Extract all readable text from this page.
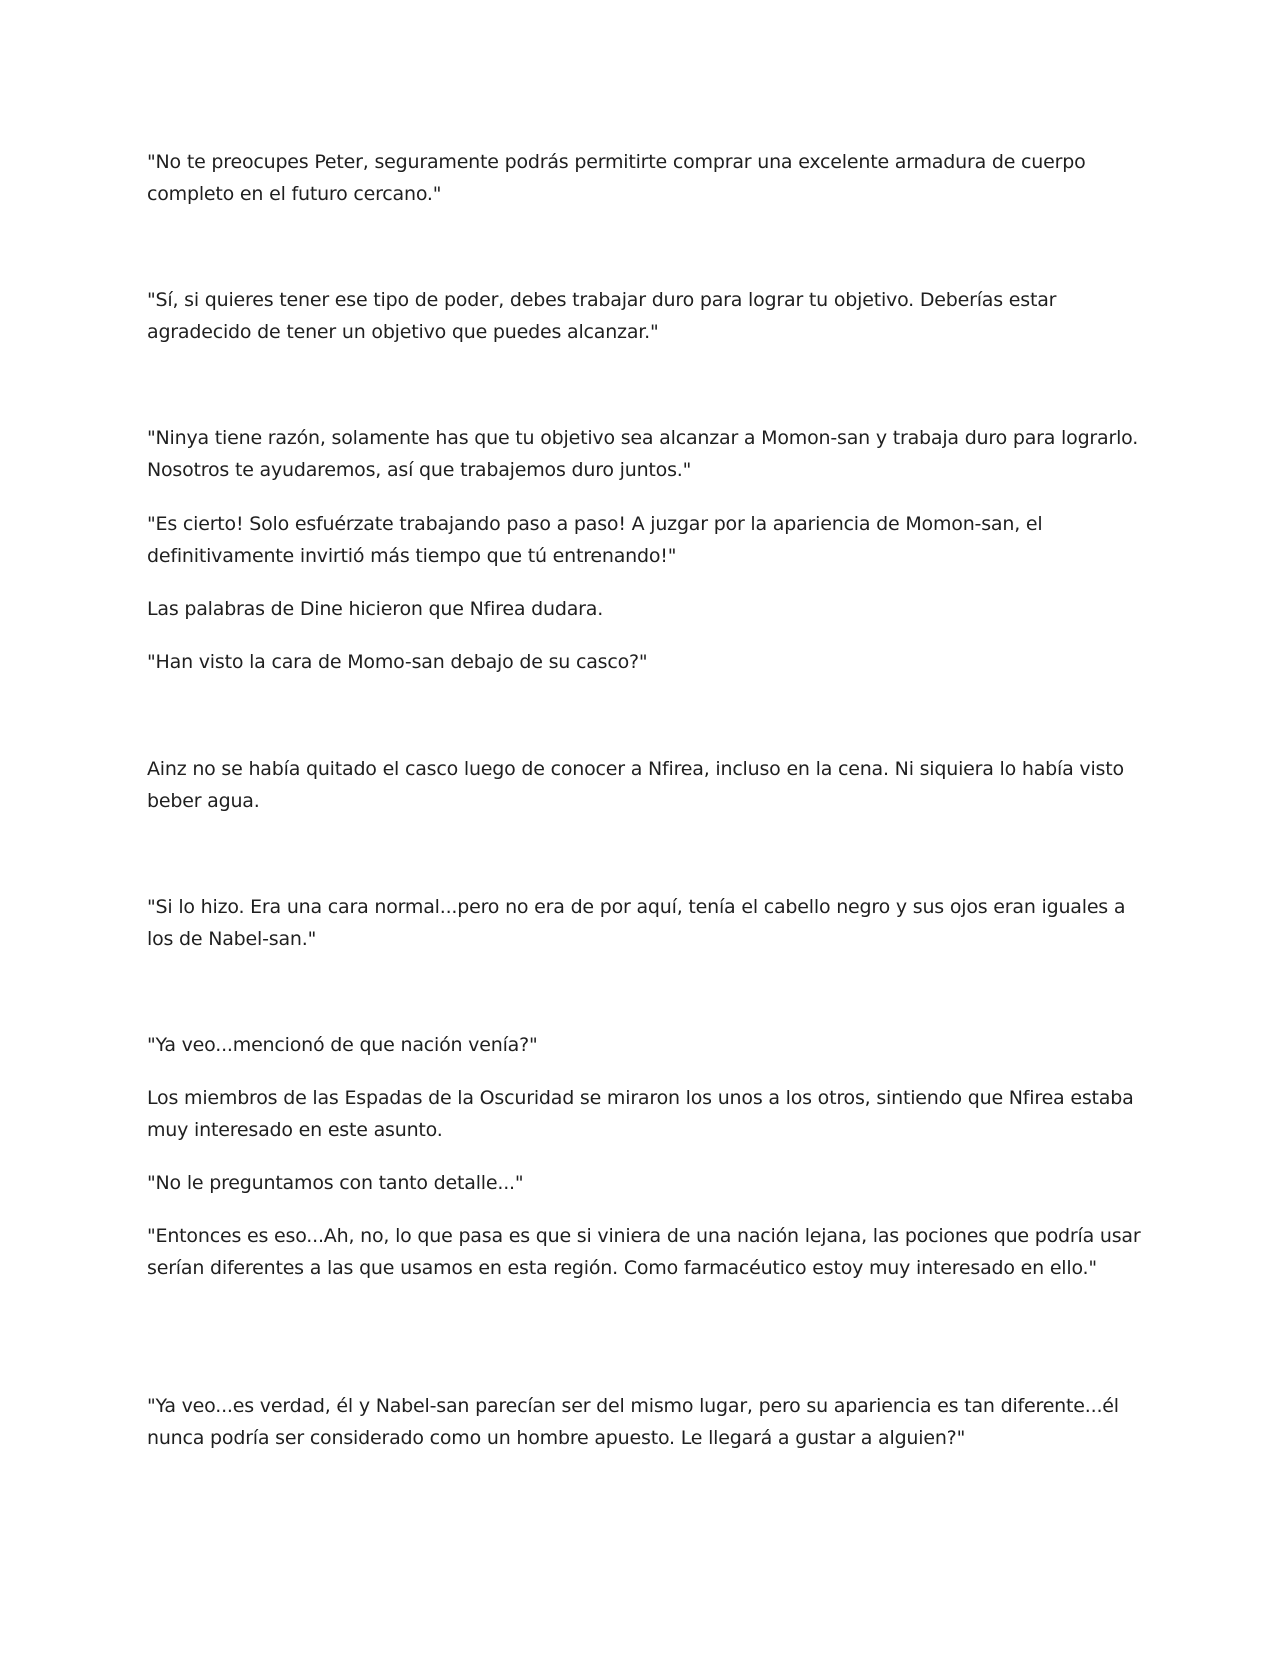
"No te preocupes Peter, seguramente podrás permitirte comprar una excelente armadura de cuerpo completo en el futuro cercano."

"Sí, si quieres tener ese tipo de poder, debes trabajar duro para lograr tu objetivo. Deberías estar agradecido de tener un objetivo que puedes alcanzar."

"Ninya tiene razón, solamente has que tu objetivo sea alcanzar a Momon-san y trabaja duro para lograrlo. Nosotros te ayudaremos, así que trabajemos duro juntos."

"Es cierto! Solo esfuérzate trabajando paso a paso! A juzgar por la apariencia de Momon-san, el definitivamente invirtió más tiempo que tú entrenando!"

Las palabras de Dine hicieron que Nfirea dudara.

"Han visto la cara de Momo-san debajo de su casco?"

Ainz no se había quitado el casco luego de conocer a Nfirea, incluso en la cena. Ni siquiera lo había visto beber agua.

"Si lo hizo. Era una cara normal...pero no era de por aquí, tenía el cabello negro y sus ojos eran iguales a los de Nabel-san."

"Ya veo...mencionó de que nación venía?"

Los miembros de las Espadas de la Oscuridad se miraron los unos a los otros, sintiendo que Nfirea estaba muy interesado en este asunto.

"No le preguntamos con tanto detalle..."

"Entonces es eso...Ah, no, lo que pasa es que si viniera de una nación lejana, las pociones que podría usar serían diferentes a las que usamos en esta región. Como farmacéutico estoy muy interesado en ello."

"Ya veo...es verdad, él y Nabel-san parecían ser del mismo lugar, pero su apariencia es tan diferente...él nunca podría ser considerado como un hombre apuesto. Le llegará a gustar a alguien?"
